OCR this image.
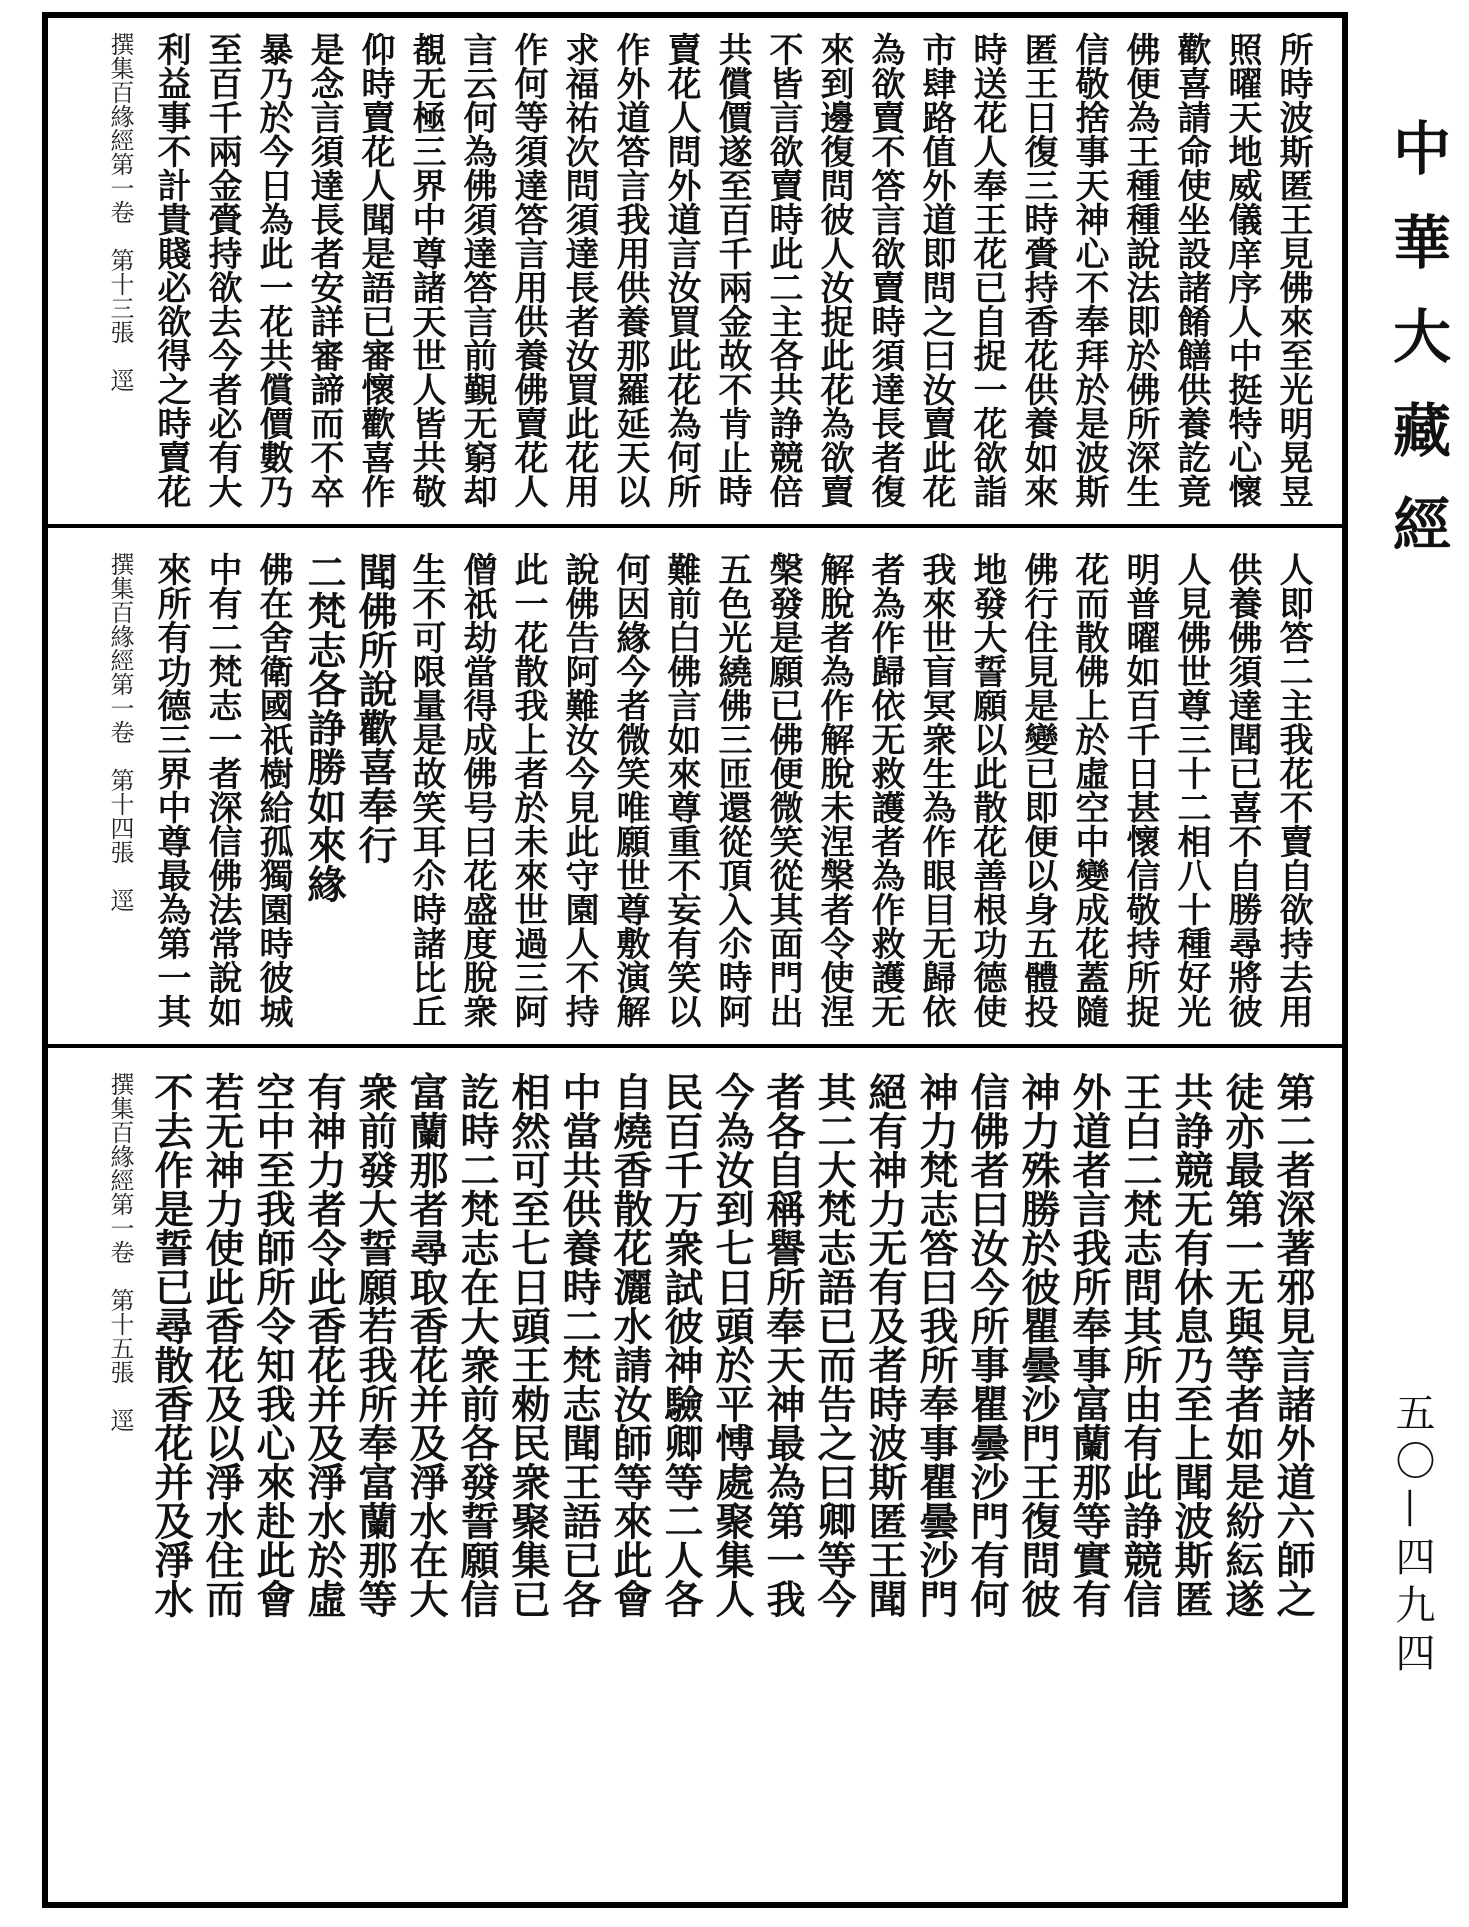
中華大藏經
所時波斯匿王見佛來至光明晃昱
照曜天地威儀庠序人中挺特心懷
歡喜請命使坐設諸餚饍供養訖竟
佛便為王種種說法即於佛所深生
信敬捨事天神心不奉拜於是波斯
匿王日復三時賫持香花供養如來
時送花人奉王花已自捉一花欲詣
市肆路值外道即問之曰汝賣此花
為欲賣不答言欲賣時須達長者復
來到邊復問彼人汝捉此花為欲賣
不皆言欲賣時此二主各共諍競倍
共償價遂至百千兩金故不肯止時
賣花人問外道言汝買此花為何所
作外道答言我用供養那羅延天以
求福祐次問須達長者汝買此花用
作何等須達答言用供養佛賣花人
言云何為佛須達答言前覲无窮却
覩无極三界中尊諸天世人皆共敬
仰時賣花人聞是語已審懷歡喜作
是念言須達長者安詳審諦而不卒
暴乃於今日為此一花共償價數乃
至百千兩金賫持欲去今者必有大
利益事不計貴賤必欲得之時賣花
撰集百緣經第一卷　第十三張　逕
人即答二主我花不賣自欲持去用
供養佛須達聞已喜不自勝尋將彼
人見佛世尊三十二相八十種好光
明普曜如百千日甚懷信敬持所捉
花而散佛上於虛空中變成花蓋隨
佛行住見是變已即便以身五體投
地發大誓願以此散花善根功德使
我來世盲冥衆生為作眼目无歸依
者為作歸依无救護者為作救護无
解脫者為作解脫未涅槃者令使涅
槃發是願已佛便微笑從其面門出
五色光繞佛三匝還從頂入尒時阿
難前白佛言如來尊重不妄有笑以
何因緣今者微笑唯願世尊敷演解
說佛告阿難汝今見此守園人不持
此一花散我上者於未來世過三阿
僧祇劫當得成佛号曰花盛度脫衆
生不可限量是故笑耳尒時諸比丘
聞佛所說歡喜奉行
二梵志各諍勝如來緣
佛在舍衛國祇樹給孤獨園時彼城
中有二梵志一者深信佛法常說如
來所有功德三界中尊最為第一其
撰集百緣經第一卷　第十四張　逕
第二者深著邪見言諸外道六師之
徒亦最第一无與等者如是紛紜遂
共諍競无有休息乃至上聞波斯匿
王白二梵志問其所由有此諍競信
外道者言我所奉事富蘭那等實有
神力殊勝於彼瞿曇沙門王復問彼
信佛者曰汝今所事瞿曇沙門有何
神力梵志答曰我所奉事瞿曇沙門
絕有神力无有及者時波斯匿王聞
其二大梵志語已而告之曰卿等今
者各自稱譽所奉天神最為第一我
今為汝到七日頭於平愽處聚集人
民百千万衆試彼神驗卿等二人各
自燒香散花灑水請汝師等來此會
中當共供養時二梵志聞王語已各
相然可至七日頭王勑民衆聚集已
訖時二梵志在大衆前各發誓願信
富蘭那者尋取香花并及淨水在大
衆前發大誓願若我所奉富蘭那等
有神力者令此香花并及淨水於虛
空中至我師所令知我心來赴此會
若无神力使此香花及以淨水住而
不去作是誓已尋散香花并及淨水
撰集百緣經第一卷　第十五張　逕
五〇—四九四
